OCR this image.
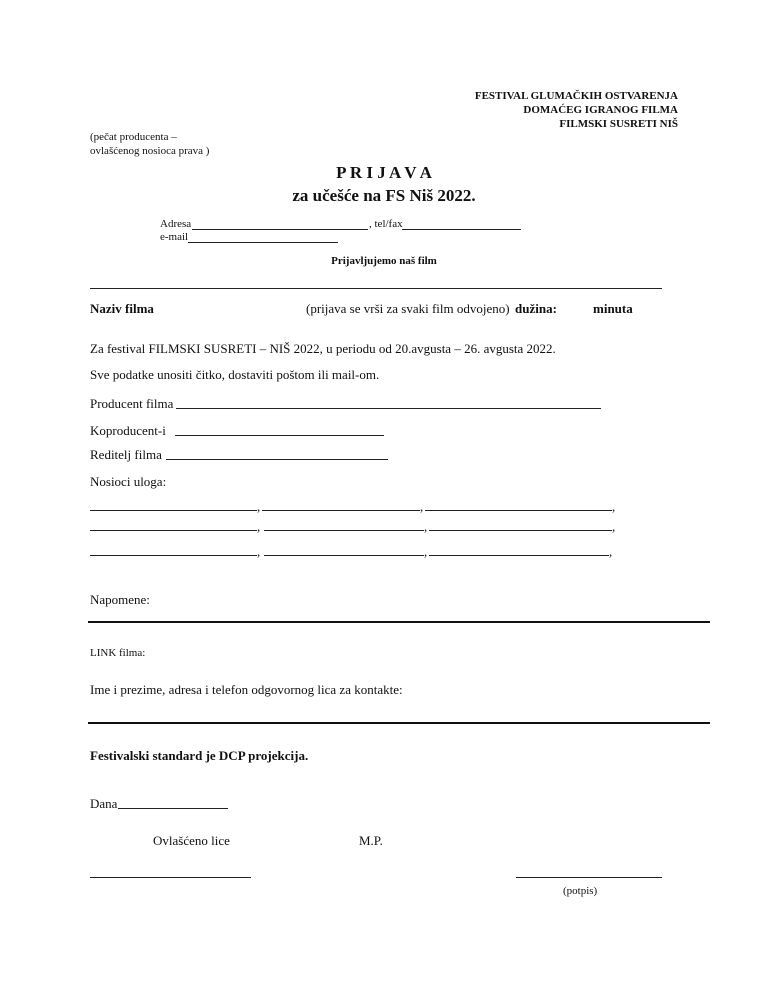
FESTIVAL GLUMAČKIH OSTVARENJA
DOMAĆEG IGRANOG FILMA
FILMSKI SUSRETI NIŠ
(pečat producenta –
ovlašćenog nosioca prava )
P R I J A V A
za učešće na FS Niš 2022.
Adresa	, tel/fax
e-mail
Prijavljujemo naš film
Naziv filma	(prijava se vrši za svaki film odvojeno) dužina:	minuta
Za festival FILMSKI SUSRETI – NIŠ 2022, u periodu od 20.avgusta – 26. avgusta 2022.
Sve podatke unositi čitko, dostaviti poštom ili mail-om.
Producent filma
Koproducent-i
Reditelj filma
Nosioci uloga:
,	,	,
,	,	,
,	,	,
Napomene:
LINK filma:
Ime i prezime, adresa i telefon odgovornog lica za kontakte:
Festivalski standard je DCP projekcija.
Dana
Ovlašćeno lice	M.P.
(potpis)
